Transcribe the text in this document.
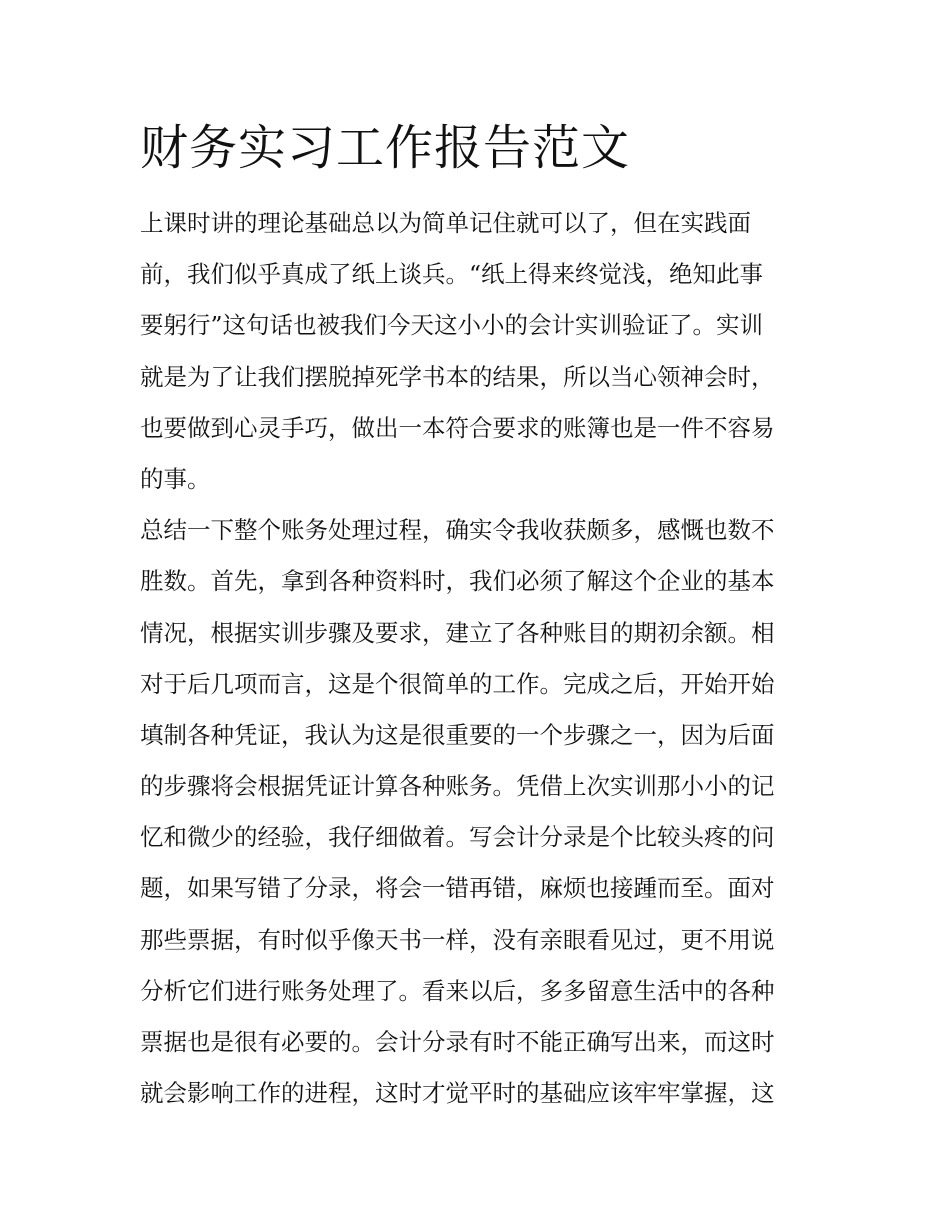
财务实习工作报告范文

上课时讲的理论基础总以为简单记住就可以了，但在实践面
前，我们似乎真成了纸上谈兵。“纸上得来终觉浅，绝知此事
要躬行”这句话也被我们今天这小小的会计实训验证了。实训
就是为了让我们摆脱掉死学书本的结果，所以当心领神会时，
也要做到心灵手巧，做出一本符合要求的账簿也是一件不容易
的事。

总结一下整个账务处理过程，确实令我收获颇多，感慨也数不
胜数。首先，拿到各种资料时，我们必须了解这个企业的基本
情况，根据实训步骤及要求，建立了各种账目的期初余额。相
对于后几项而言，这是个很简单的工作。完成之后，开始开始
填制各种凭证，我认为这是很重要的一个步骤之一，因为后面
的步骤将会根据凭证计算各种账务。凭借上次实训那小小的记
忆和微少的经验，我仔细做着。写会计分录是个比较头疼的问
题，如果写错了分录，将会一错再错，麻烦也接踵而至。面对
那些票据，有时似乎像天书一样，没有亲眼看见过，更不用说
分析它们进行账务处理了。看来以后，多多留意生活中的各种
票据也是很有必要的。会计分录有时不能正确写出来，而这时
就会影响工作的进程，这时才觉平时的基础应该牢牢掌握，这
